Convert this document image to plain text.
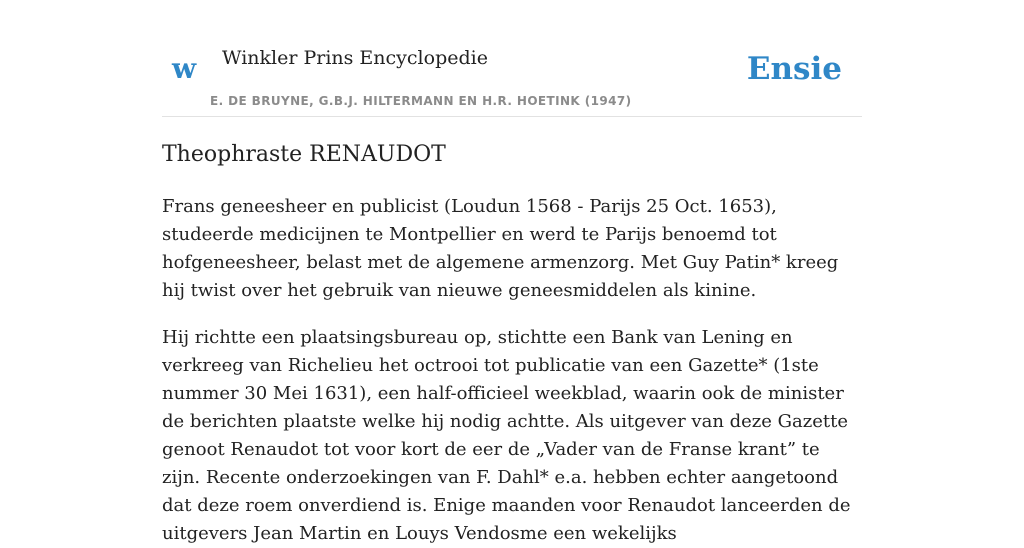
w Winkler Prins Encyclopedie
E. DE BRUYNE, G.B.J. HILTERMANN EN H.R. HOETINK (1947)
Ensie
Theophraste RENAUDOT

Frans geneesheer en publicist (Loudun 1568 - Parijs 25 Oct. 1653), studeerde medicijnen te Montpellier en werd te Parijs benoemd tot hofgeneesheer, belast met de algemene armenzorg. Met Guy Patin* kreeg hij twist over het gebruik van nieuwe geneesmiddelen als kinine.

Hij richtte een plaatsingsbureau op, stichtte een Bank van Lening en verkreeg van Richelieu het octrooi tot publicatie van een Gazette* (1ste nummer 30 Mei 1631), een half-officieel weekblad, waarin ook de minister de berichten plaatste welke hij nodig achtte. Als uitgever van deze Gazette genoot Renaudot tot voor kort de eer de „Vader van de Franse krant” te zijn. Recente onderzoekingen van F. Dahl* e.a. hebben echter aangetoond dat deze roem onverdiend is. Enige maanden voor Renaudot lanceerden de uitgevers Jean Martin en Louys Vendosme een wekelijks
